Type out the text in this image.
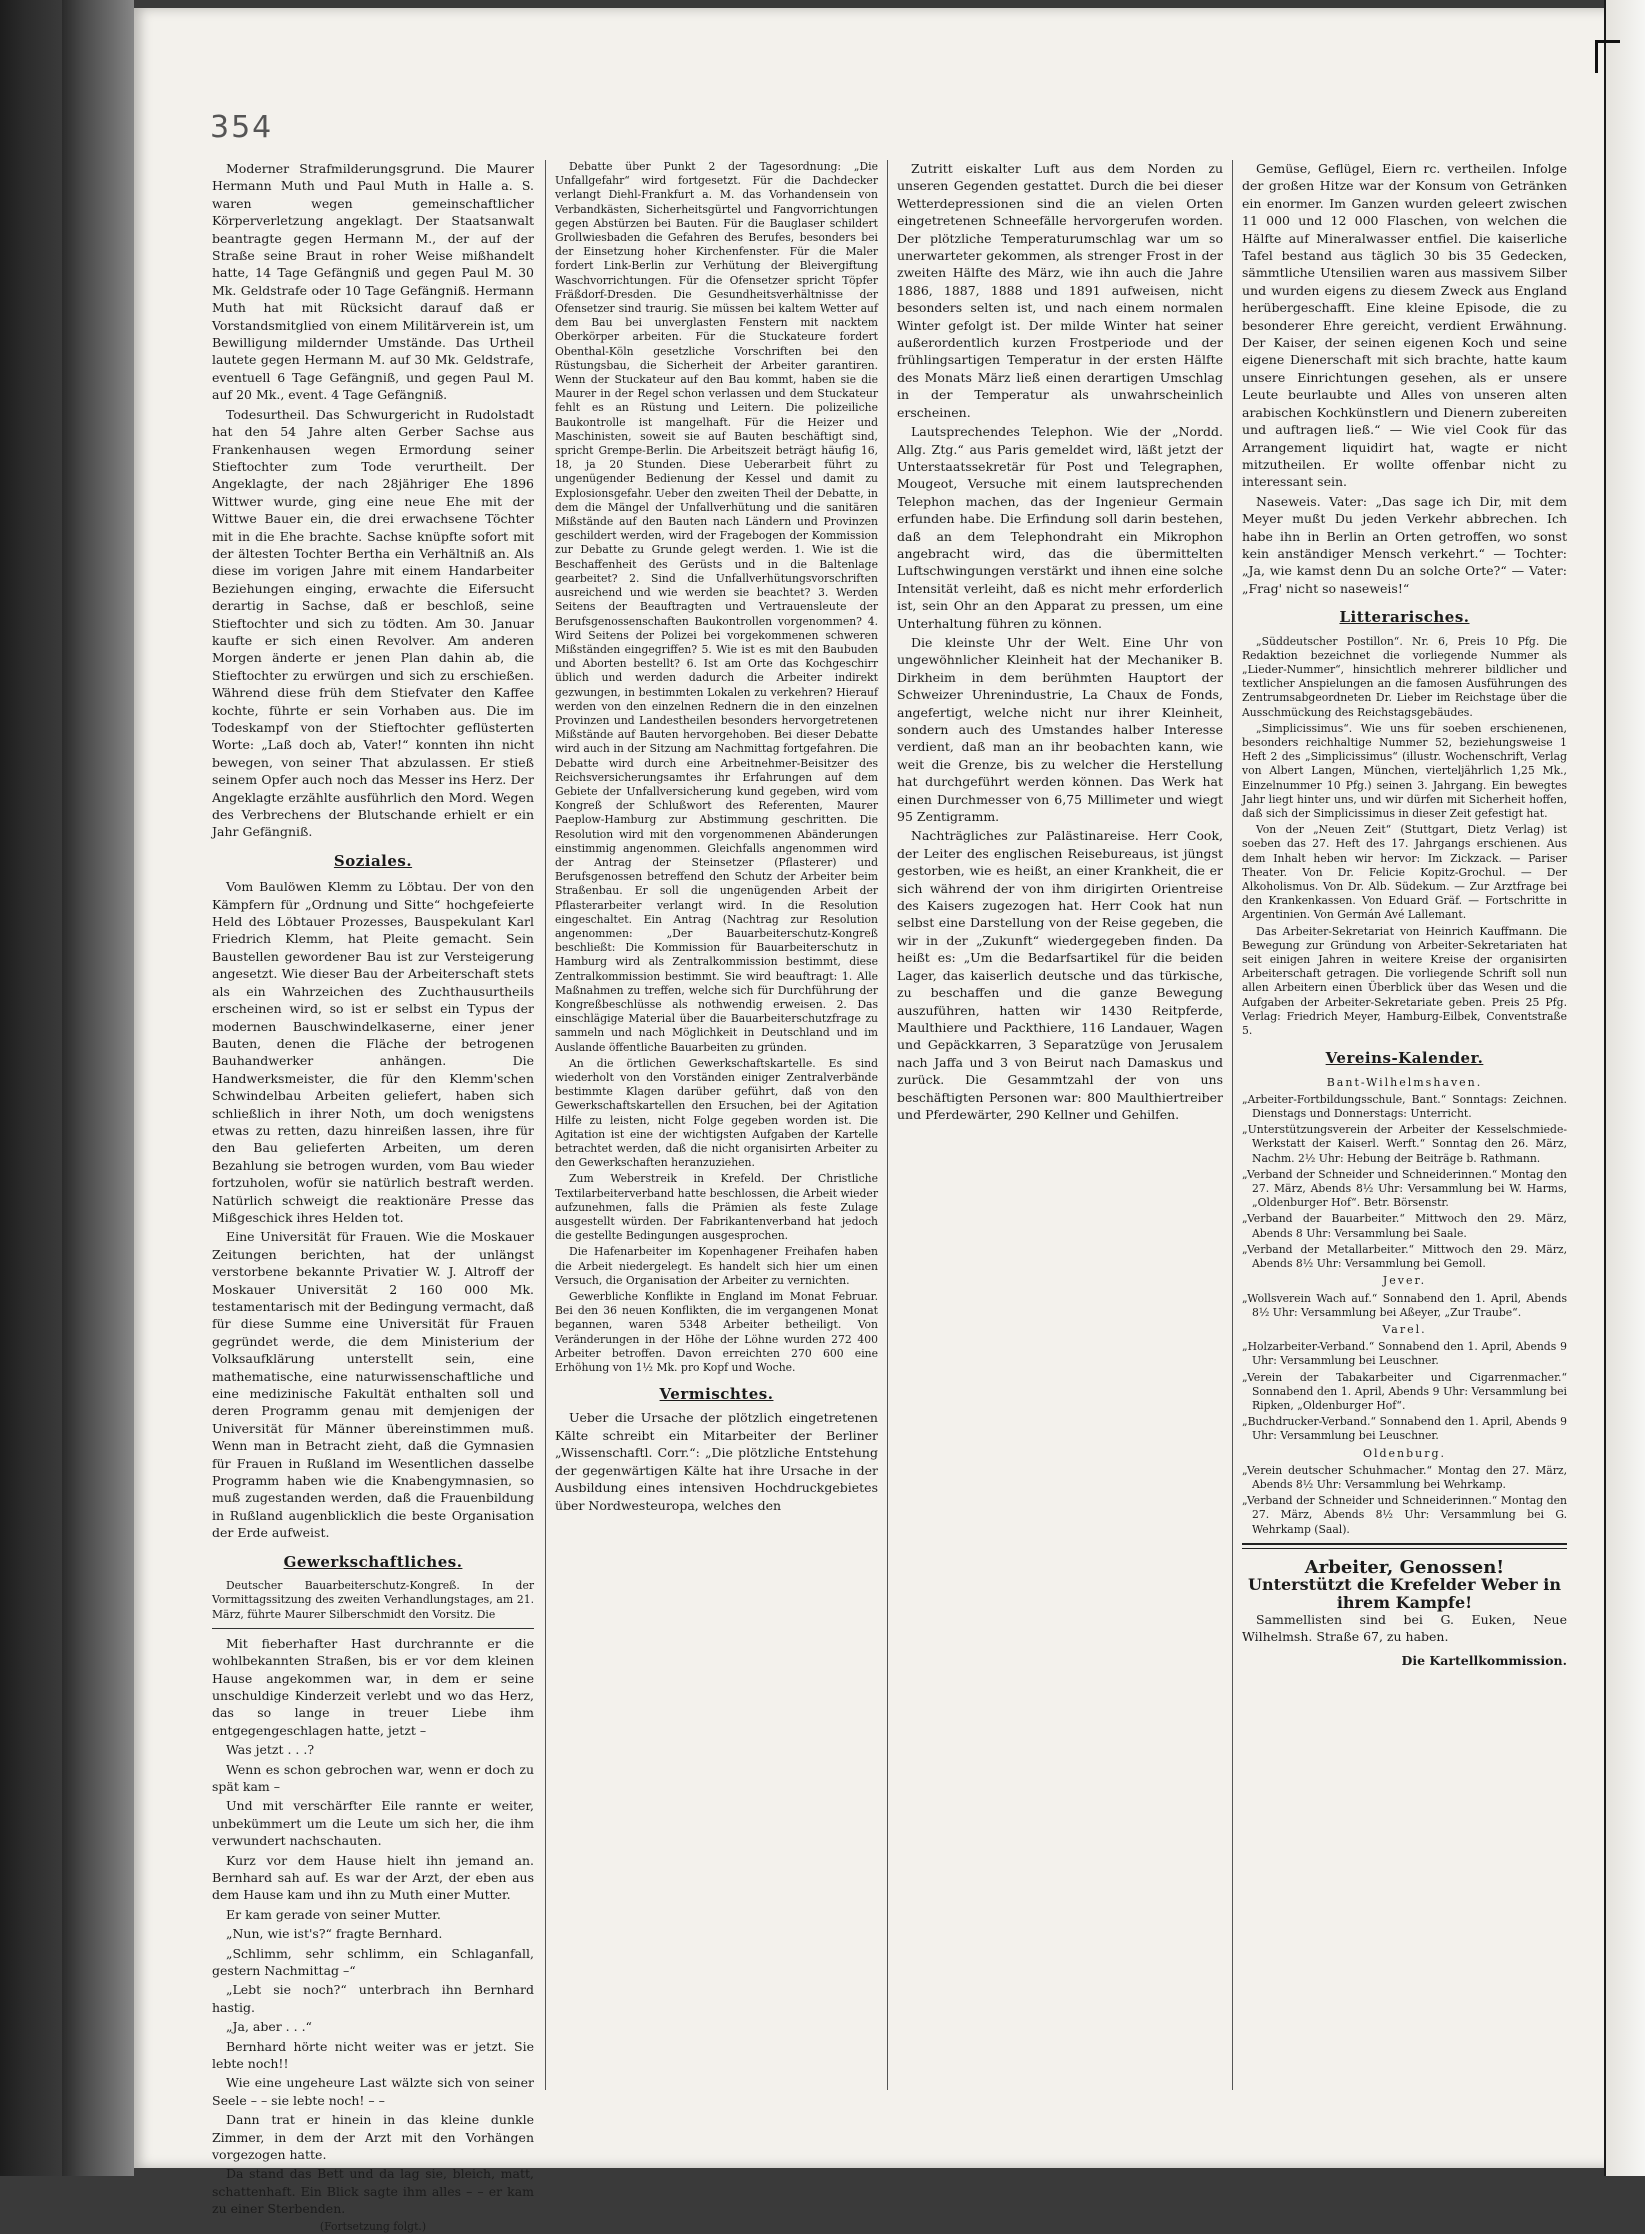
354

Moderner Strafmilderungsgrund. Die Maurer Hermann Muth und Paul Muth in Halle a. S. waren wegen gemeinschaftlicher Körperverletzung angeklagt. Der Staatsanwalt beantragte gegen Hermann M., der auf der Straße seine Braut in roher Weise mißhandelt hatte, 14 Tage Gefängniß und gegen Paul M. 30 Mk. Geldstrafe oder 10 Tage Gefängniß. Hermann Muth hat mit Rücksicht darauf daß er Vorstandsmitglied von einem Militärverein ist, um Bewilligung mildernder Umstände. Das Urtheil lautete gegen Hermann M. auf 30 Mk. Geldstrafe, eventuell 6 Tage Gefängniß, und gegen Paul M. auf 20 Mk., event. 4 Tage Gefängniß.

Todesurtheil. Das Schwurgericht in Rudolstadt hat den 54 Jahre alten Gerber Sachse aus Frankenhausen wegen Ermordung seiner Stieftochter zum Tode verurtheilt. Der Angeklagte, der nach 28jähriger Ehe 1896 Wittwer wurde, ging eine neue Ehe mit der Wittwe Bauer ein, die drei erwachsene Töchter mit in die Ehe brachte. Sachse knüpfte sofort mit der ältesten Tochter Bertha ein Verhältniß an. Als diese im vorigen Jahre mit einem Handarbeiter Beziehungen einging, erwachte die Eifersucht derartig in Sachse, daß er beschloß, seine Stieftochter und sich zu tödten. Am 30. Januar kaufte er sich einen Revolver. Am anderen Morgen änderte er jenen Plan dahin ab, die Stieftochter zu erwürgen und sich zu erschießen. Während diese früh dem Stiefvater den Kaffee kochte, führte er sein Vorhaben aus. Die im Todeskampf von der Stieftochter geflüsterten Worte: „Laß doch ab, Vater!“ konnten ihn nicht bewegen, von seiner That abzulassen. Er stieß seinem Opfer auch noch das Messer ins Herz. Der Angeklagte erzählte ausführlich den Mord. Wegen des Verbrechens der Blutschande erhielt er ein Jahr Gefängniß.

Soziales.

Vom Baulöwen Klemm zu Löbtau. Der von den Kämpfern für „Ordnung und Sitte“ hochgefeierte Held des Löbtauer Prozesses, Bauspekulant Karl Friedrich Klemm, hat Pleite gemacht. Sein Baustellen gewordener Bau ist zur Versteigerung angesetzt. Wie dieser Bau der Arbeiterschaft stets als ein Wahrzeichen des Zuchthausurtheils erscheinen wird, so ist er selbst ein Typus der modernen Bauschwindelkaserne, einer jener Bauten, denen die Fläche der betrogenen Bauhandwerker anhängen. Die Handwerksmeister, die für den Klemm'schen Schwindelbau Arbeiten geliefert, haben sich schließlich in ihrer Noth, um doch wenigstens etwas zu retten, dazu hinreißen lassen, ihre für den Bau gelieferten Arbeiten, um deren Bezahlung sie betrogen wurden, vom Bau wieder fortzuholen, wofür sie natürlich bestraft werden. Natürlich schweigt die reaktionäre Presse das Mißgeschick ihres Helden tot.

Eine Universität für Frauen. Wie die Moskauer Zeitungen berichten, hat der unlängst verstorbene bekannte Privatier W. J. Altroff der Moskauer Universität 2 160 000 Mk. testamentarisch mit der Bedingung vermacht, daß für diese Summe eine Universität für Frauen gegründet werde, die dem Ministerium der Volksaufklärung unterstellt sein, eine mathematische, eine naturwissenschaftliche und eine medizinische Fakultät enthalten soll und deren Programm genau mit demjenigen der Universität für Männer übereinstimmen muß. Wenn man in Betracht zieht, daß die Gymnasien für Frauen in Rußland im Wesentlichen dasselbe Programm haben wie die Knabengymnasien, so muß zugestanden werden, daß die Frauenbildung in Rußland augenblicklich die beste Organisation der Erde aufweist.

Gewerkschaftliches.

Deutscher Bauarbeiterschutz-Kongreß. In der Vormittagssitzung des zweiten Verhandlungstages, am 21. März, führte Maurer Silberschmidt den Vorsitz. Die

Mit fieberhafter Hast durchrannte er die wohlbekannten Straßen, bis er vor dem kleinen Hause angekommen war, in dem er seine unschuldige Kinderzeit verlebt und wo das Herz, das so lange in treuer Liebe ihm entgegengeschlagen hatte, jetzt –

Was jetzt . . .?

Wenn es schon gebrochen war, wenn er doch zu spät kam –

Und mit verschärfter Eile rannte er weiter, unbekümmert um die Leute um sich her, die ihm verwundert nachschauten.

Kurz vor dem Hause hielt ihn jemand an. Bernhard sah auf. Es war der Arzt, der eben aus dem Hause kam und ihn zu Muth einer Mutter.

Er kam gerade von seiner Mutter.

„Nun, wie ist's?“ fragte Bernhard.

„Schlimm, sehr schlimm, ein Schlaganfall, gestern Nachmittag –“

„Lebt sie noch?“ unterbrach ihn Bernhard hastig.

„Ja, aber . . .“

Bernhard hörte nicht weiter was er jetzt. Sie lebte noch!!

Wie eine ungeheure Last wälzte sich von seiner Seele – – sie lebte noch! – –

Dann trat er hinein in das kleine dunkle Zimmer, in dem der Arzt mit den Vorhängen vorgezogen hatte.

Da stand das Bett und da lag sie, bleich, matt, schattenhaft. Ein Blick sagte ihm alles – – er kam zu einer Sterbenden.

(Fortsetzung folgt.)

Debatte über Punkt 2 der Tagesordnung: „Die Unfallgefahr“ wird fortgesetzt. Für die Dachdecker verlangt Diehl-Frankfurt a. M. das Vorhandensein von Verbandkästen, Sicherheitsgürtel und Fangvorrichtungen gegen Abstürzen bei Bauten. Für die Bauglaser schildert Grollwiesbaden die Gefahren des Berufes, besonders bei der Einsetzung hoher Kirchenfenster. Für die Maler fordert Link-Berlin zur Verhütung der Bleivergiftung Waschvorrichtungen. Für die Ofensetzer spricht Töpfer Fräßdorf-Dresden. Die Gesundheitsverhältnisse der Ofensetzer sind traurig. Sie müssen bei kaltem Wetter auf dem Bau bei unverglasten Fenstern mit nacktem Oberkörper arbeiten. Für die Stuckateure fordert Obenthal-Köln gesetzliche Vorschriften bei den Rüstungsbau, die Sicherheit der Arbeiter garantiren. Wenn der Stuckateur auf den Bau kommt, haben sie die Maurer in der Regel schon verlassen und dem Stuckateur fehlt es an Rüstung und Leitern. Die polizeiliche Baukontrolle ist mangelhaft. Für die Heizer und Maschinisten, soweit sie auf Bauten beschäftigt sind, spricht Grempe-Berlin. Die Arbeitszeit beträgt häufig 16, 18, ja 20 Stunden. Diese Ueberarbeit führt zu ungenügender Bedienung der Kessel und damit zu Explosionsgefahr. Ueber den zweiten Theil der Debatte, in dem die Mängel der Unfallverhütung und die sanitären Mißstände auf den Bauten nach Ländern und Provinzen geschildert werden, wird der Fragebogen der Kommission zur Debatte zu Grunde gelegt werden. 1. Wie ist die Beschaffenheit des Gerüsts und in die Baltenlage gearbeitet? 2. Sind die Unfallverhütungsvorschriften ausreichend und wie werden sie beachtet? 3. Werden Seitens der Beauftragten und Vertrauensleute der Berufsgenossenschaften Baukontrollen vorgenommen? 4. Wird Seitens der Polizei bei vorgekommenen schweren Mißständen eingegriffen? 5. Wie ist es mit den Baubuden und Aborten bestellt? 6. Ist am Orte das Kochgeschirr üblich und werden dadurch die Arbeiter indirekt gezwungen, in bestimmten Lokalen zu verkehren? Hierauf werden von den einzelnen Rednern die in den einzelnen Provinzen und Landestheilen besonders hervorgetretenen Mißstände auf Bauten hervorgehoben. Bei dieser Debatte wird auch in der Sitzung am Nachmittag fortgefahren. Die Debatte wird durch eine Arbeitnehmer-Beisitzer des Reichsversicherungsamtes ihr Erfahrungen auf dem Gebiete der Unfallversicherung kund gegeben, wird vom Kongreß der Schlußwort des Referenten, Maurer Paeplow-Hamburg zur Abstimmung geschritten. Die Resolution wird mit den vorgenommenen Abänderungen einstimmig angenommen. Gleichfalls angenommen wird der Antrag der Steinsetzer (Pflasterer) und Berufsgenossen betreffend den Schutz der Arbeiter beim Straßenbau. Er soll die ungenügenden Arbeit der Pflasterarbeiter verlangt wird. In die Resolution eingeschaltet. Ein Antrag (Nachtrag zur Resolution angenommen: „Der Bauarbeiterschutz-Kongreß beschließt: Die Kommission für Bauarbeiterschutz in Hamburg wird als Zentralkommission bestimmt, diese Zentralkommission bestimmt. Sie wird beauftragt: 1. Alle Maßnahmen zu treffen, welche sich für Durchführung der Kongreßbeschlüsse als nothwendig erweisen. 2. Das einschlägige Material über die Bauarbeiterschutzfrage zu sammeln und nach Möglichkeit in Deutschland und im Auslande öffentliche Bauarbeiten zu gründen.

An die örtlichen Gewerkschaftskartelle. Es sind wiederholt von den Vorständen einiger Zentralverbände bestimmte Klagen darüber geführt, daß von den Gewerkschaftskartellen den Ersuchen, bei der Agitation Hilfe zu leisten, nicht Folge gegeben worden ist. Die Agitation ist eine der wichtigsten Aufgaben der Kartelle betrachtet werden, daß die nicht organisirten Arbeiter zu den Gewerkschaften heranzuziehen.

Zum Weberstreik in Krefeld. Der Christliche Textilarbeiterverband hatte beschlossen, die Arbeit wieder aufzunehmen, falls die Prämien als feste Zulage ausgestellt würden. Der Fabrikantenverband hat jedoch die gestellte Bedingungen ausgesprochen.

Die Hafenarbeiter im Kopenhagener Freihafen haben die Arbeit niedergelegt. Es handelt sich hier um einen Versuch, die Organisation der Arbeiter zu vernichten.

Gewerbliche Konflikte in England im Monat Februar. Bei den 36 neuen Konflikten, die im vergangenen Monat begannen, waren 5348 Arbeiter betheiligt. Von Veränderungen in der Höhe der Löhne wurden 272 400 Arbeiter betroffen. Davon erreichten 270 600 eine Erhöhung von 1½ Mk. pro Kopf und Woche.

Vermischtes.

Ueber die Ursache der plötzlich eingetretenen Kälte schreibt ein Mitarbeiter der Berliner „Wissenschaftl. Corr.“: „Die plötzliche Entstehung der gegenwärtigen Kälte hat ihre Ursache in der Ausbildung eines intensiven Hochdruckgebietes über Nordwesteuropa, welches den

Zutritt eiskalter Luft aus dem Norden zu unseren Gegenden gestattet. Durch die bei dieser Wetterdepressionen sind die an vielen Orten eingetretenen Schneefälle hervorgerufen worden. Der plötzliche Temperaturumschlag war um so unerwarteter gekommen, als strenger Frost in der zweiten Hälfte des März, wie ihn auch die Jahre 1886, 1887, 1888 und 1891 aufweisen, nicht besonders selten ist, und nach einem normalen Winter gefolgt ist. Der milde Winter hat seiner außerordentlich kurzen Frostperiode und der frühlingsartigen Temperatur in der ersten Hälfte des Monats März ließ einen derartigen Umschlag in der Temperatur als unwahrscheinlich erscheinen.

Lautsprechendes Telephon. Wie der „Nordd. Allg. Ztg.“ aus Paris gemeldet wird, läßt jetzt der Unterstaatssekretär für Post und Telegraphen, Mougeot, Versuche mit einem lautsprechenden Telephon machen, das der Ingenieur Germain erfunden habe. Die Erfindung soll darin bestehen, daß an dem Telephondraht ein Mikrophon angebracht wird, das die übermittelten Luftschwingungen verstärkt und ihnen eine solche Intensität verleiht, daß es nicht mehr erforderlich ist, sein Ohr an den Apparat zu pressen, um eine Unterhaltung führen zu können.

Die kleinste Uhr der Welt. Eine Uhr von ungewöhnlicher Kleinheit hat der Mechaniker B. Dirkheim in dem berühmten Hauptort der Schweizer Uhrenindustrie, La Chaux de Fonds, angefertigt, welche nicht nur ihrer Kleinheit, sondern auch des Umstandes halber Interesse verdient, daß man an ihr beobachten kann, wie weit die Grenze, bis zu welcher die Herstellung hat durchgeführt werden können. Das Werk hat einen Durchmesser von 6,75 Millimeter und wiegt 95 Zentigramm.

Nachträgliches zur Palästinareise. Herr Cook, der Leiter des englischen Reisebureaus, ist jüngst gestorben, wie es heißt, an einer Krankheit, die er sich während der von ihm dirigirten Orientreise des Kaisers zugezogen hat. Herr Cook hat nun selbst eine Darstellung von der Reise gegeben, die wir in der „Zukunft“ wiedergegeben finden. Da heißt es: „Um die Bedarfsartikel für die beiden Lager, das kaiserlich deutsche und das türkische, zu beschaffen und die ganze Bewegung auszuführen, hatten wir 1430 Reitpferde, Maulthiere und Packthiere, 116 Landauer, Wagen und Gepäckkarren, 3 Separatzüge von Jerusalem nach Jaffa und 3 von Beirut nach Damaskus und zurück. Die Gesammtzahl der von uns beschäftigten Personen war: 800 Maulthiertreiber und Pferdewärter, 290 Kellner und Gehilfen.

Gemüse, Geflügel, Eiern rc. vertheilen. Infolge der großen Hitze war der Konsum von Getränken ein enormer. Im Ganzen wurden geleert zwischen 11 000 und 12 000 Flaschen, von welchen die Hälfte auf Mineralwasser entfiel. Die kaiserliche Tafel bestand aus täglich 30 bis 35 Gedecken, sämmtliche Utensilien waren aus massivem Silber und wurden eigens zu diesem Zweck aus England herübergeschafft. Eine kleine Episode, die zu besonderer Ehre gereicht, verdient Erwähnung. Der Kaiser, der seinen eigenen Koch und seine eigene Dienerschaft mit sich brachte, hatte kaum unsere Einrichtungen gesehen, als er unsere Leute beurlaubte und Alles von unseren alten arabischen Kochkünstlern und Dienern zubereiten und auftragen ließ.“ — Wie viel Cook für das Arrangement liquidirt hat, wagte er nicht mitzutheilen. Er wollte offenbar nicht zu interessant sein.

Naseweis. Vater: „Das sage ich Dir, mit dem Meyer mußt Du jeden Verkehr abbrechen. Ich habe ihn in Berlin an Orten getroffen, wo sonst kein anständiger Mensch verkehrt.“ — Tochter: „Ja, wie kamst denn Du an solche Orte?“ — Vater: „Frag' nicht so naseweis!“

Litterarisches.

„Süddeutscher Postillon“. Nr. 6, Preis 10 Pfg. Die Redaktion bezeichnet die vorliegende Nummer als „Lieder-Nummer“, hinsichtlich mehrerer bildlicher und textlicher Anspielungen an die famosen Ausführungen des Zentrumsabgeordneten Dr. Lieber im Reichstage über die Ausschmückung des Reichstagsgebäudes.

„Simplicissimus“. Wie uns für soeben erschienenen, besonders reichhaltige Nummer 52, beziehungsweise 1 Heft 2 des „Simplicissimus“ (illustr. Wochenschrift, Verlag von Albert Langen, München, vierteljährlich 1,25 Mk., Einzelnummer 10 Pfg.) seinen 3. Jahrgang. Ein bewegtes Jahr liegt hinter uns, und wir dürfen mit Sicherheit hoffen, daß sich der Simplicissimus in dieser Zeit gefestigt hat.

Von der „Neuen Zeit“ (Stuttgart, Dietz Verlag) ist soeben das 27. Heft des 17. Jahrgangs erschienen. Aus dem Inhalt heben wir hervor: Im Zickzack. — Pariser Theater. Von Dr. Felicie Kopitz-Grochul. — Der Alkoholismus. Von Dr. Alb. Südekum. — Zur Arztfrage bei den Krankenkassen. Von Eduard Gräf. — Fortschritte in Argentinien. Von Germán Avé Lallemant.

Das Arbeiter-Sekretariat von Heinrich Kauffmann. Die Bewegung zur Gründung von Arbeiter-Sekretariaten hat seit einigen Jahren in weitere Kreise der organisirten Arbeiterschaft getragen. Die vorliegende Schrift soll nun allen Arbeitern einen Überblick über das Wesen und die Aufgaben der Arbeiter-Sekretariate geben. Preis 25 Pfg. Verlag: Friedrich Meyer, Hamburg-Eilbek, Conventstraße 5.

Vereins-Kalender.
Bant-Wilhelmshaven.

„Arbeiter-Fortbildungsschule, Bant.“ Sonntags: Zeichnen. Dienstags und Donnerstags: Unterricht.

„Unterstützungsverein der Arbeiter der Kesselschmiede-Werkstatt der Kaiserl. Werft.“ Sonntag den 26. März, Nachm. 2½ Uhr: Hebung der Beiträge b. Rathmann.

„Verband der Schneider und Schneiderinnen.“ Montag den 27. März, Abends 8½ Uhr: Versammlung bei W. Harms, „Oldenburger Hof“. Betr. Börsenstr.

„Verband der Bauarbeiter.“ Mittwoch den 29. März, Abends 8 Uhr: Versammlung bei Saale.

„Verband der Metallarbeiter.“ Mittwoch den 29. März, Abends 8½ Uhr: Versammlung bei Gemoll.

Jever.

„Wollsverein Wach auf.“ Sonnabend den 1. April, Abends 8½ Uhr: Versammlung bei Aßeyer, „Zur Traube“.

Varel.

„Holzarbeiter-Verband.“ Sonnabend den 1. April, Abends 9 Uhr: Versammlung bei Leuschner.

„Verein der Tabakarbeiter und Cigarrenmacher.“ Sonnabend den 1. April, Abends 9 Uhr: Versammlung bei Ripken, „Oldenburger Hof“.

„Buchdrucker-Verband.“ Sonnabend den 1. April, Abends 9 Uhr: Versammlung bei Leuschner.

Oldenburg.

„Verein deutscher Schuhmacher.“ Montag den 27. März, Abends 8½ Uhr: Versammlung bei Wehrkamp.

„Verband der Schneider und Schneiderinnen.“ Montag den 27. März, Abends 8½ Uhr: Versammlung bei G. Wehrkamp (Saal).

Arbeiter, Genossen!
Unterstützt die Krefelder Weber in ihrem Kampfe!

Sammellisten sind bei G. Euken, Neue Wilhelmsh. Straße 67, zu haben.

Die Kartellkommission.
